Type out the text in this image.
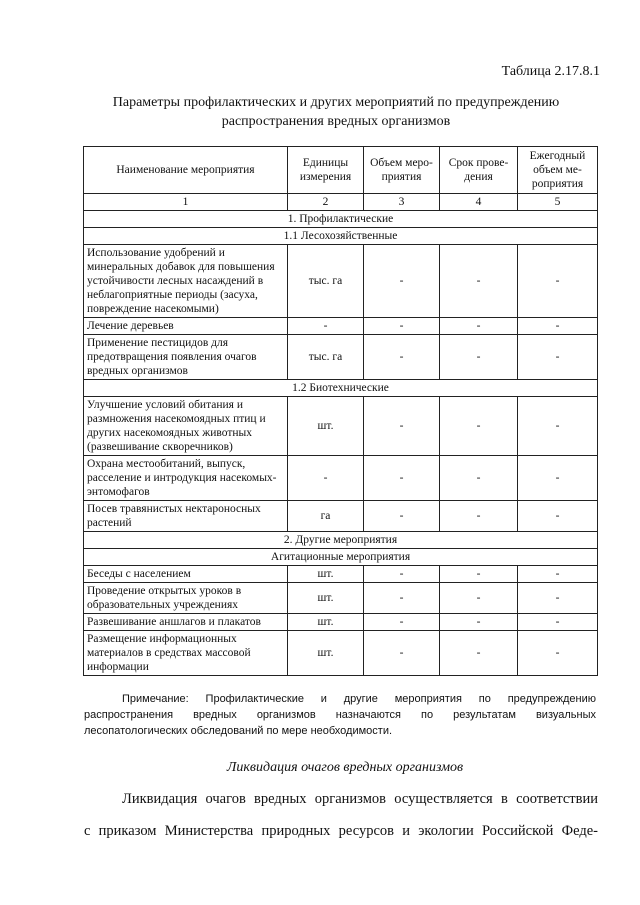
Таблица 2.17.8.1
Параметры профилактических и других мероприятий по предупреждению
распространения вредных организмов
Наименование мероприятия	Единицы измерения	Объем меро-приятия	Срок прове-дения	Ежегодный объем ме-роприятия
1	2	3	4	5
1. Профилактические				
1.1 Лесохозяйственные				
Использование удобрений и минеральных добавок для повышения устойчивости лесных насаждений в неблагоприятные периоды (засуха, повреждение насекомыми)	тыс. га	-	-	-
Лечение деревьев	-	-	-	-
Применение пестицидов для предотвращения появления очагов вредных организмов	тыс. га	-	-	-
1.2 Биотехнические				
Улучшение условий обитания и размножения насекомоядных птиц и других насекомоядных животных (развешивание скворечников)	шт.	-	-	-
Охрана местообитаний, выпуск, расселение и интродукция насекомых-энтомофагов	-	-	-	-
Посев травянистых нектароносных растений	га	-	-	-
2. Другие мероприятия				
Агитационные мероприятия				
Беседы с населением	шт.	-	-	-
Проведение открытых уроков в образовательных учреждениях	шт.	-	-	-
Развешивание аншлагов и плакатов	шт.	-	-	-
Размещение информационных материалов в средствах массовой информации	шт.	-	-	-
Примечание: Профилактические и другие мероприятия по предупреждению распространения вредных организмов назначаются по результатам визуальных лесопатологических обследований по мере необходимости.
Ликвидация очагов вредных организмов
Ликвидация очагов вредных организмов осуществляется в соответствии
с приказом Министерства природных ресурсов и экологии Российской Феде-
